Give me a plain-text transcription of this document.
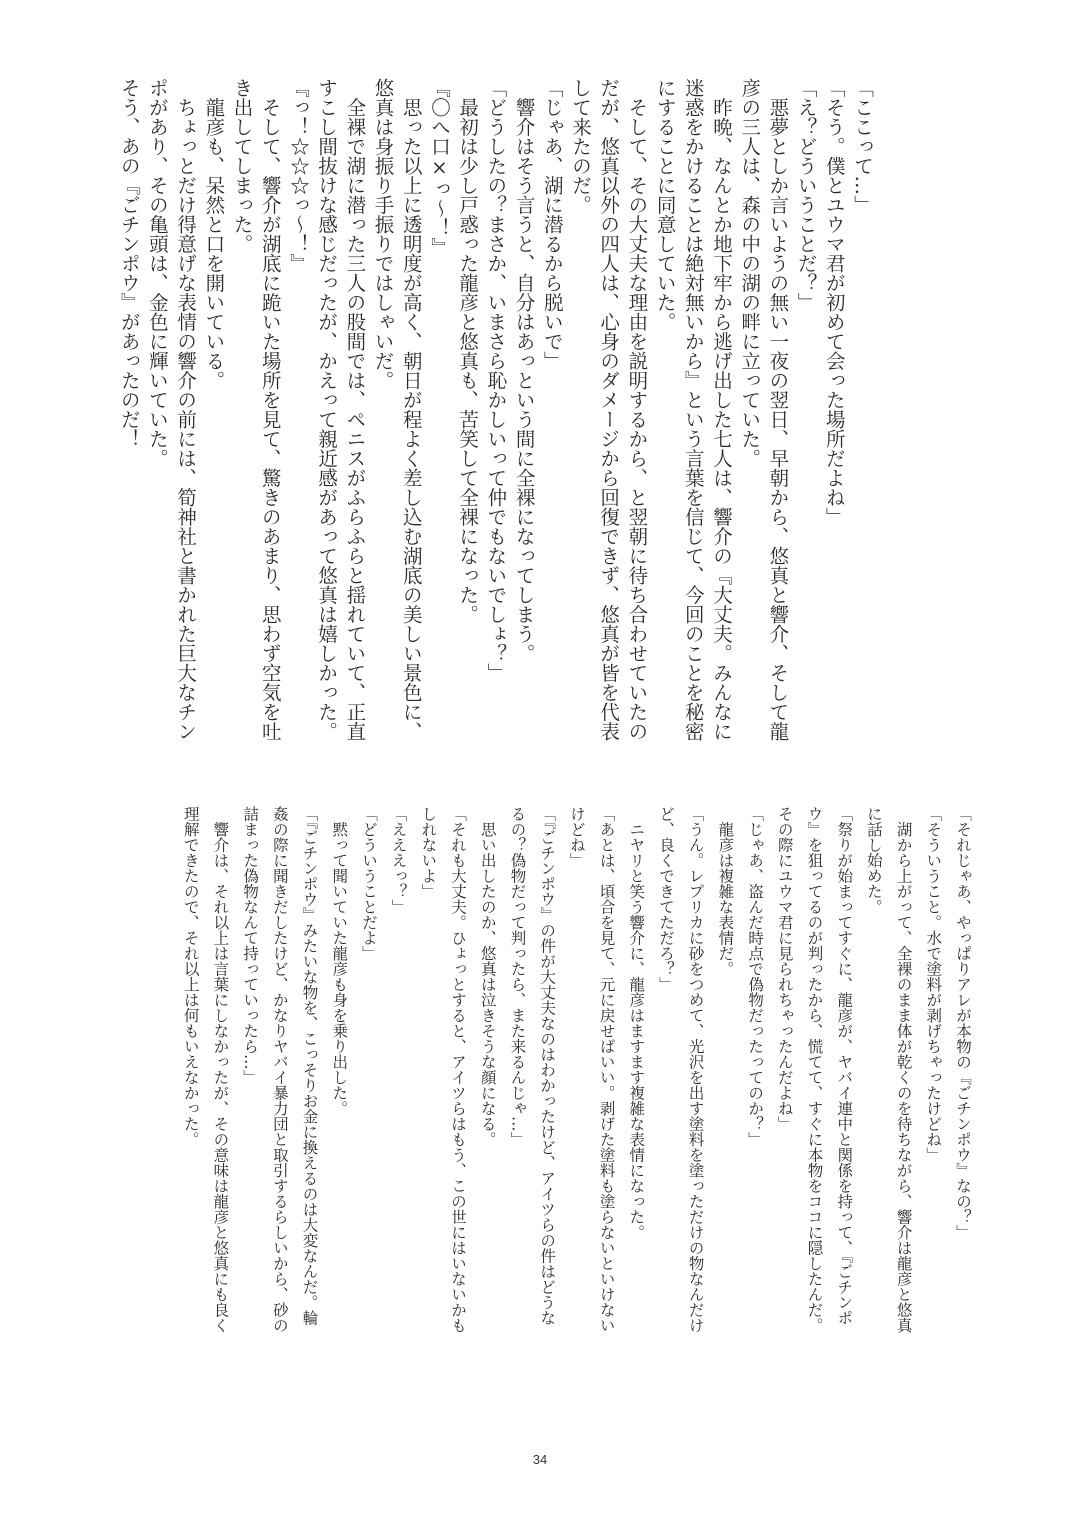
「ここって…」
「そう。僕とユウマ君が初めて会った場所だよね」
「え？どういうことだ？」
　悪夢としか言いようの無い一夜の翌日、早朝から、悠真と響介、そして龍
彦の三人は、森の中の湖の畔に立っていた。
　昨晩、なんとか地下牢から逃げ出した七人は、響介の『大丈夫。みんなに
迷惑をかけることは絶対無いから』という言葉を信じて、今回のことを秘密
にすることに同意していた。
　そして、その大丈夫な理由を説明するから、と翌朝に待ち合わせていたの
だが、悠真以外の四人は、心身のダメージから回復できず、悠真が皆を代表
して来たのだ。
「じゃあ、湖に潜るから脱いで」
　響介はそう言うと、自分はあっという間に全裸になってしまう。
「どうしたの？まさか、いまさら恥かしいって仲でもないでしょ？」
　最初は少し戸惑った龍彦と悠真も、苦笑して全裸になった。
『〇へ口×っ〜！』
　思った以上に透明度が高く、朝日が程よく差し込む湖底の美しい景色に、
悠真は身振り手振りではしゃいだ。
　全裸で湖に潜った三人の股間では、ペニスがふらふらと揺れていて、正直
すこし間抜けな感じだったが、かえって親近感があって悠真は嬉しかった。
『っ！☆☆☆っ〜！』
　そして、響介が湖底に跪いた場所を見て、驚きのあまり、思わず空気を吐
き出してしまった。
　龍彦も、呆然と口を開いている。
　ちょっとだけ得意げな表情の響介の前には、筍神社と書かれた巨大なチン
ポがあり、その亀頭は、金色に輝いていた。
そう、あの『ごチンポウ』があったのだ！
「それじゃあ、やっぱりアレが本物の『ごチンポウ』なの？」
「そういうこと。水で塗料が剥げちゃったけどね」
　湖から上がって、全裸のまま体が乾くのを待ちながら、響介は龍彦と悠真
に話し始めた。
「祭りが始まってすぐに、龍彦が、ヤバイ連中と関係を持って、『ごチンポ
ウ』を狙ってるのが判ったから、慌てて、すぐに本物をココに隠したんだ。
その際にユウマ君に見られちゃったんだよね」
「じゃあ、盗んだ時点で偽物だったってのか？」
　龍彦は複雑な表情だ。
「うん。レプリカに砂をつめて、光沢を出す塗料を塗っただけの物なんだけ
ど、良くできてただろ？」
　ニヤリと笑う響介に、龍彦はますます複雑な表情になった。
「あとは、頃合を見て、元に戻せばいい。剥げた塗料も塗らないといけない
けどね」
「『ごチンポウ』の件が大丈夫なのはわかったけど、アイツらの件はどうな
るの？偽物だって判ったら、また来るんじゃ…」
　思い出したのか、悠真は泣きそうな顔になる。
「それも大丈夫。ひょっとすると、アイツらはもう、この世にはいないかも
しれないよ」
「えええっ？」
「どういうことだよ」
　黙って聞いていた龍彦も身を乗り出した。
「『ごチンポウ』みたいな物を、こっそりお金に換えるのは大変なんだ。輪
姦の際に聞きだしたけど、かなりヤバイ暴力団と取引するらしいから、砂の
詰まった偽物なんて持っていったら…」
　響介は、それ以上は言葉にしなかったが、その意味は龍彦と悠真にも良く
理解できたので、それ以上は何もいえなかった。
34
